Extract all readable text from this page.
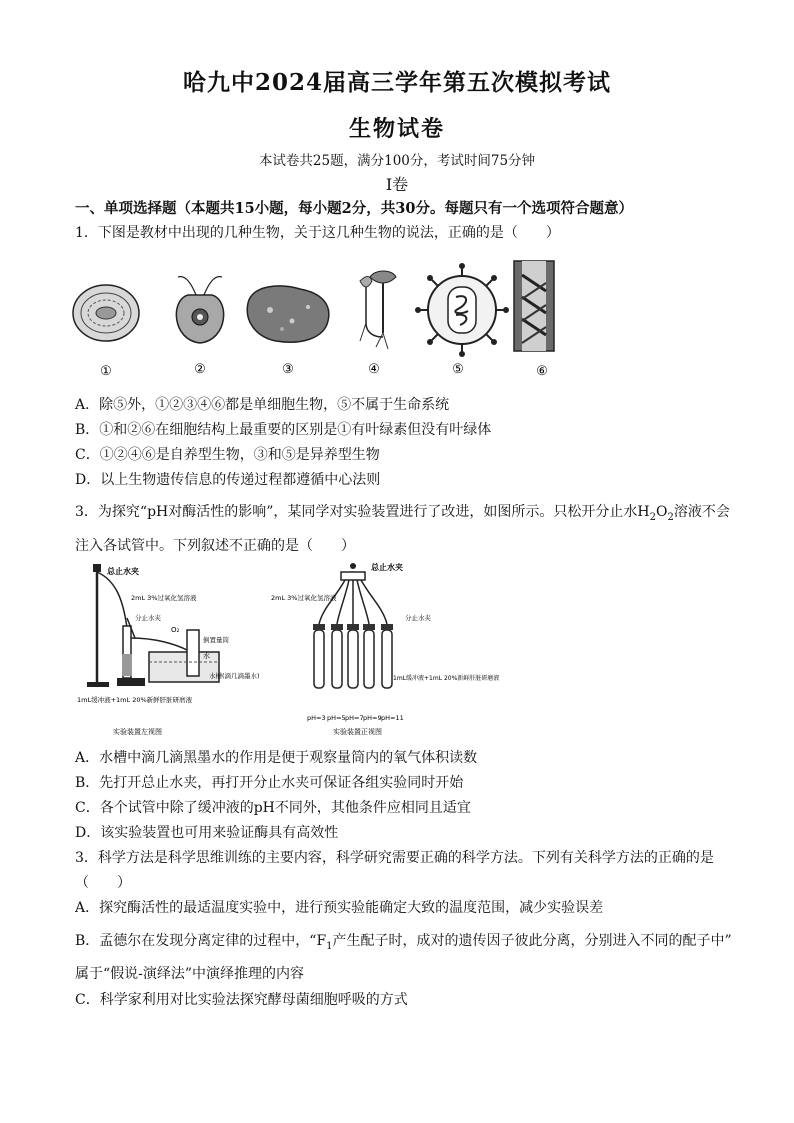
哈九中2024届高三学年第五次模拟考试
生物试卷
本试卷共25题，满分100分，考试时间75分钟
Ⅰ卷
一、单项选择题（本题共15小题，每小题2分，共30分。每题只有一个选项符合题意）
1．下图是教材中出现的几种生物，关于这几种生物的说法，正确的是（　　）
①	②	③	④	⑤	⑥
A．除⑤外，①②③④⑥都是单细胞生物，⑤不属于生命系统
B．①和②⑥在细胞结构上最重要的区别是①有叶绿素但没有叶绿体
C．①②④⑥是自养型生物，③和⑤是异养型生物
D．以上生物遗传信息的传递过程都遵循中心法则
3．为探究“pH对酶活性的影响”，某同学对实验装置进行了改进，如图所示。只松开分止水$H_2O_2$溶液不会
注入各试管中。下列叙述不正确的是（　　）
总止水夹
2mL 3%过氧化氢溶液
分止水夹
O₂
倒置量筒
水
水槽(滴几滴墨水)
1mL缓冲液+1mL 20%新鲜肝脏研磨液
实验装置左视图
总止水夹
2mL 3%过氧化氢溶液
分止水夹
1mL缓冲液+1mL 20%新鲜肝脏研磨液
pH=3 pH=5 pH=7 pH=9 pH=11
实验装置正视图
A．水槽中滴几滴黑墨水的作用是便于观察量筒内的氧气体积读数
B．先打开总止水夹，再打开分止水夹可保证各组实验同时开始
C．各个试管中除了缓冲液的pH不同外，其他条件应相同且适宜
D．该实验装置也可用来验证酶具有高效性
3．科学方法是科学思维训练的主要内容，科学研究需要正确的科学方法。下列有关科学方法的正确的是
（　　）
A．探究酶活性的最适温度实验中，进行预实验能确定大致的温度范围，减少实验误差
B．孟德尔在发现分离定律的过程中，“$F_1$产生配子时，成对的遗传因子彼此分离，分别进入不同的配子中”
属于“假说-演绎法”中演绎推理的内容
C．科学家利用对比实验法探究酵母菌细胞呼吸的方式
